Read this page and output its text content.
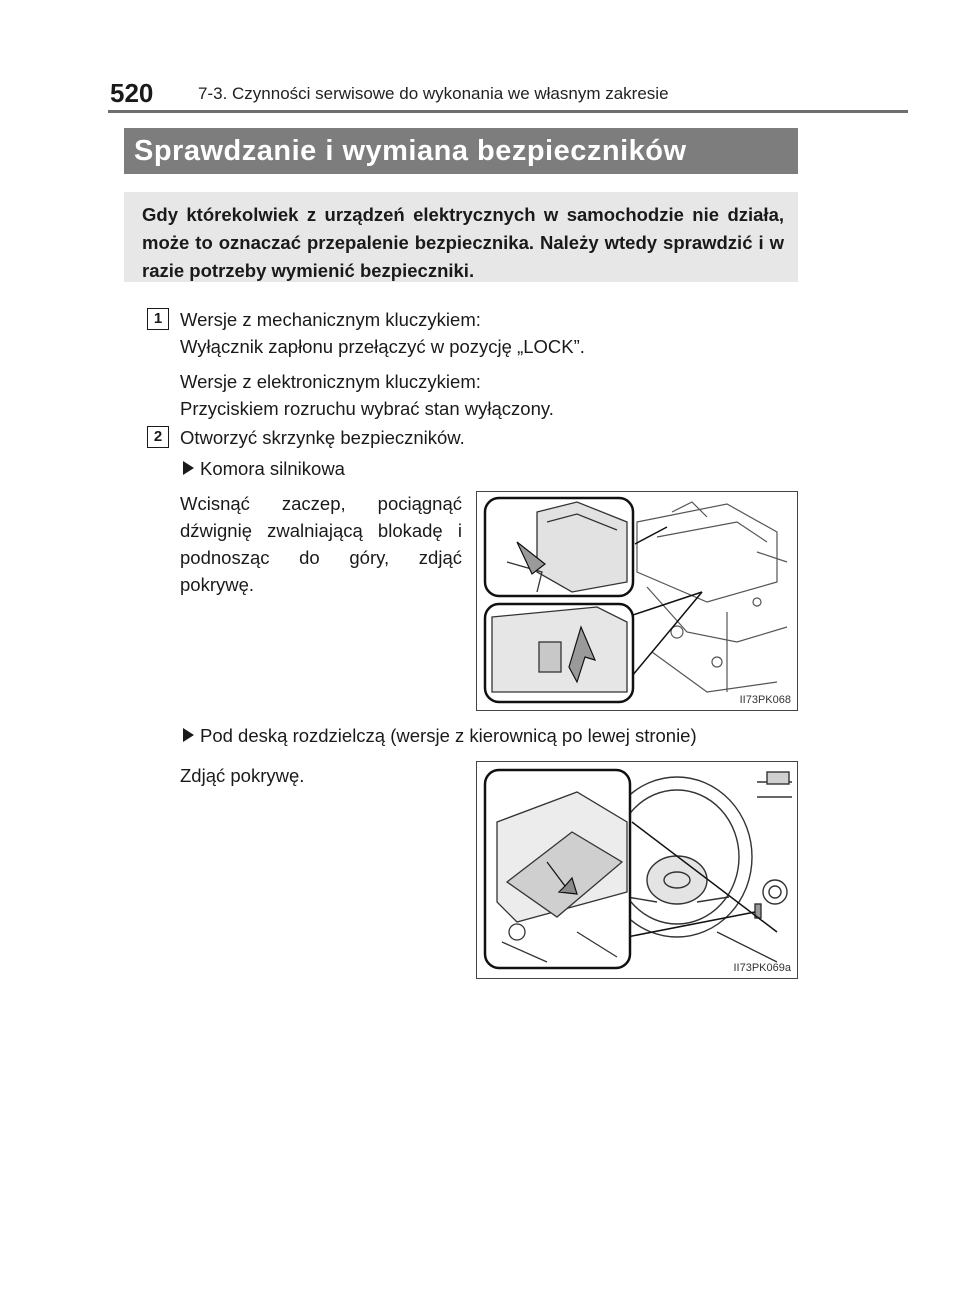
520	7-3. Czynności serwisowe do wykonania we własnym zakresie
Sprawdzanie i wymiana bezpieczników
Gdy którekolwiek z urządzeń elektrycznych w samochodzie nie działa, może to oznaczać przepalenie bezpiecznika. Należy wtedy sprawdzić i w razie potrzeby wymienić bezpieczniki.
1 Wersje z mechanicznym kluczykiem:
Wyłącznik zapłonu przełączyć w pozycję „LOCK”.
Wersje z elektronicznym kluczykiem:
Przyciskiem rozruchu wybrać stan wyłączony.
2 Otworzyć skrzynkę bezpieczników.
Komora silnikowa
Wcisnąć zaczep, pociągnąć dźwignię zwalniającą blokadę i podnosząc do góry, zdjąć pokrywę.
II73PK068
Pod deską rozdzielczą (wersje z kierownicą po lewej stronie)
Zdjąć pokrywę.
II73PK069a
